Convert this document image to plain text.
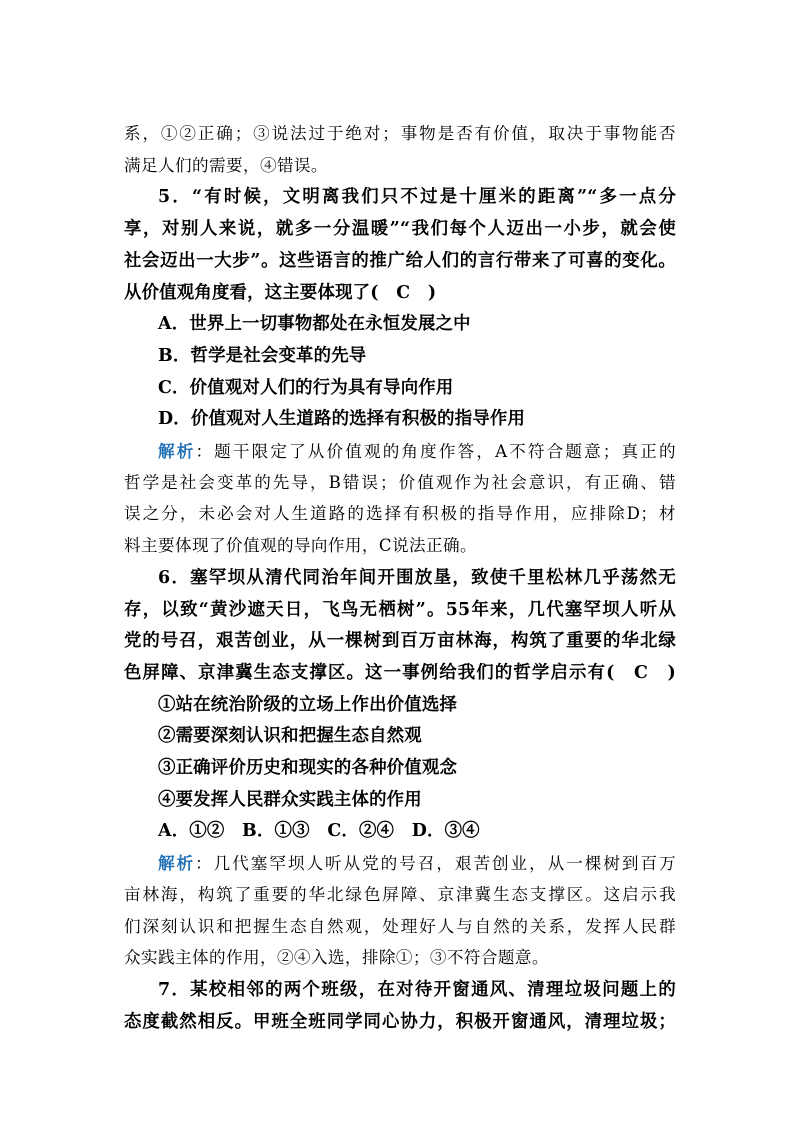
系，①②正确；③说法过于绝对；事物是否有价值，取决于事物能否
满足人们的需要，④错误。
5．“有时候，文明离我们只不过是十厘米的距离”“多一点分
享，对别人来说，就多一分温暖”“我们每个人迈出一小步，就会使
社会迈出一大步”。这些语言的推广给人们的言行带来了可喜的变化。
从价值观角度看，这主要体现了(　C　)
A．世界上一切事物都处在永恒发展之中
B．哲学是社会变革的先导
C．价值观对人们的行为具有导向作用
D．价值观对人生道路的选择有积极的指导作用
解析：题干限定了从价值观的角度作答，A不符合题意；真正的
哲学是社会变革的先导，B错误；价值观作为社会意识，有正确、错
误之分，未必会对人生道路的选择有积极的指导作用，应排除D；材
料主要体现了价值观的导向作用，C说法正确。
6．塞罕坝从清代同治年间开围放垦，致使千里松林几乎荡然无
存，以致“黄沙遮天日，飞鸟无栖树”。55年来，几代塞罕坝人听从
党的号召，艰苦创业，从一棵树到百万亩林海，构筑了重要的华北绿
色屏障、京津冀生态支撑区。这一事例给我们的哲学启示有(　C　)
①站在统治阶级的立场上作出价值选择
②需要深刻认识和把握生态自然观
③正确评价历史和现实的各种价值观念
④要发挥人民群众实践主体的作用
A．①②　B．①③　C．②④　D．③④
解析：几代塞罕坝人听从党的号召，艰苦创业，从一棵树到百万
亩林海，构筑了重要的华北绿色屏障、京津冀生态支撑区。这启示我
们深刻认识和把握生态自然观，处理好人与自然的关系，发挥人民群
众实践主体的作用，②④入选，排除①；③不符合题意。
7．某校相邻的两个班级，在对待开窗通风、清理垃圾问题上的
态度截然相反。甲班全班同学同心协力，积极开窗通风，清理垃圾；
